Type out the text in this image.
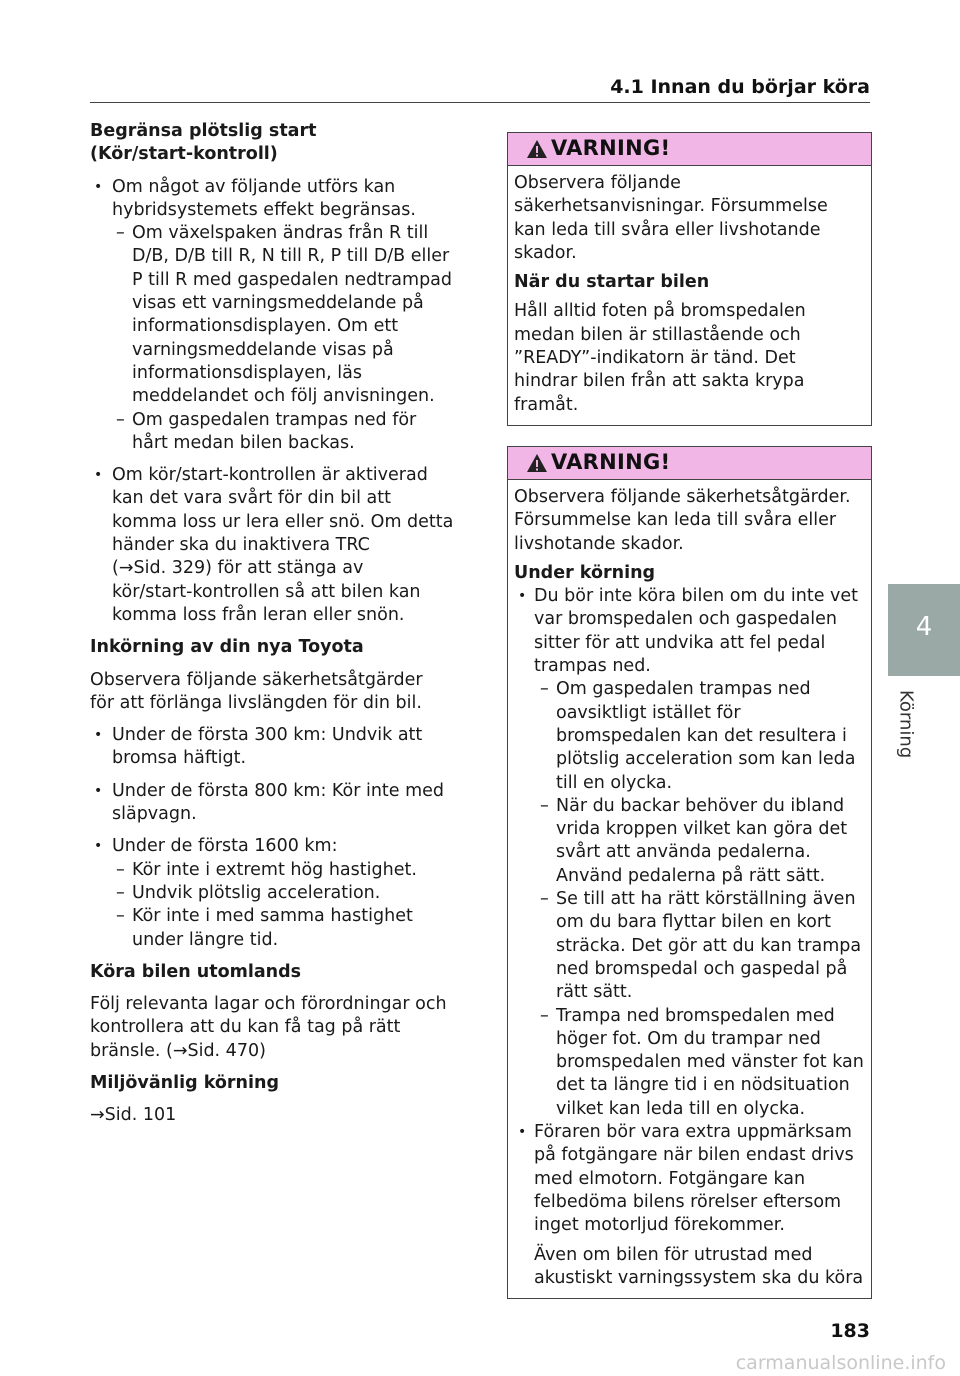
4.1 Innan du börjar köra

Begränsa plötslig start

(Kör/start-kontroll)

• Om något av följande utförs kan

hybridsystemets effekt begränsas.

– Om växelspaken ändras från R till

D/B, D/B till R, N till R, P till D/B eller

P till R med gaspedalen nedtrampad

visas ett varningsmeddelande på

informationsdisplayen. Om ett

varningsmeddelande visas på

informationsdisplayen, läs

meddelandet och följ anvisningen.

– Om gaspedalen trampas ned för

hårt medan bilen backas.

• Om kör/start-kontrollen är aktiverad

kan det vara svårt för din bil att

komma loss ur lera eller snö. Om detta

händer ska du inaktivera TRC

(→Sid. 329) för att stänga av

kör/start-kontrollen så att bilen kan

komma loss från leran eller snön.

Inkörning av din nya Toyota

Observera följande säkerhetsåtgärder

för att förlänga livslängden för din bil.

• Under de första 300 km: Undvik att

bromsa häftigt.

• Under de första 800 km: Kör inte med

släpvagn.

• Under de första 1600 km:

– Kör inte i extremt hög hastighet.

– Undvik plötslig acceleration.

– Kör inte i med samma hastighet

under längre tid.

Köra bilen utomlands

Följ relevanta lagar och förordningar och

kontrollera att du kan få tag på rätt

bränsle. (→Sid. 470)

Miljövänlig körning

→Sid. 101

VARNING!

Observera följande

säkerhetsanvisningar. Försummelse

kan leda till svåra eller livshotande

skador.

När du startar bilen

Håll alltid foten på bromspedalen

medan bilen är stillastående och

”READY”-indikatorn är tänd. Det

hindrar bilen från att sakta krypa

framåt.

VARNING!

Observera följande säkerhetsåtgärder.

Försummelse kan leda till svåra eller

livshotande skador.

Under körning

• Du bör inte köra bilen om du inte vet

var bromspedalen och gaspedalen

sitter för att undvika att fel pedal

trampas ned.

– Om gaspedalen trampas ned

oavsiktligt istället för

bromspedalen kan det resultera i

plötslig acceleration som kan leda

till en olycka.

– När du backar behöver du ibland

vrida kroppen vilket kan göra det

svårt att använda pedalerna.

Använd pedalerna på rätt sätt.

– Se till att ha rätt körställning även

om du bara flyttar bilen en kort

sträcka. Det gör att du kan trampa

ned bromspedal och gaspedal på

rätt sätt.

– Trampa ned bromspedalen med

höger fot. Om du trampar ned

bromspedalen med vänster fot kan

det ta längre tid i en nödsituation

vilket kan leda till en olycka.

• Föraren bör vara extra uppmärksam

på fotgängare när bilen endast drivs

med elmotorn. Fotgängare kan

felbedöma bilens rörelser eftersom

inget motorljud förekommer.

Även om bilen för utrustad med

akustiskt varningssystem ska du köra

4
Körning
183
carmanualsonline.info
